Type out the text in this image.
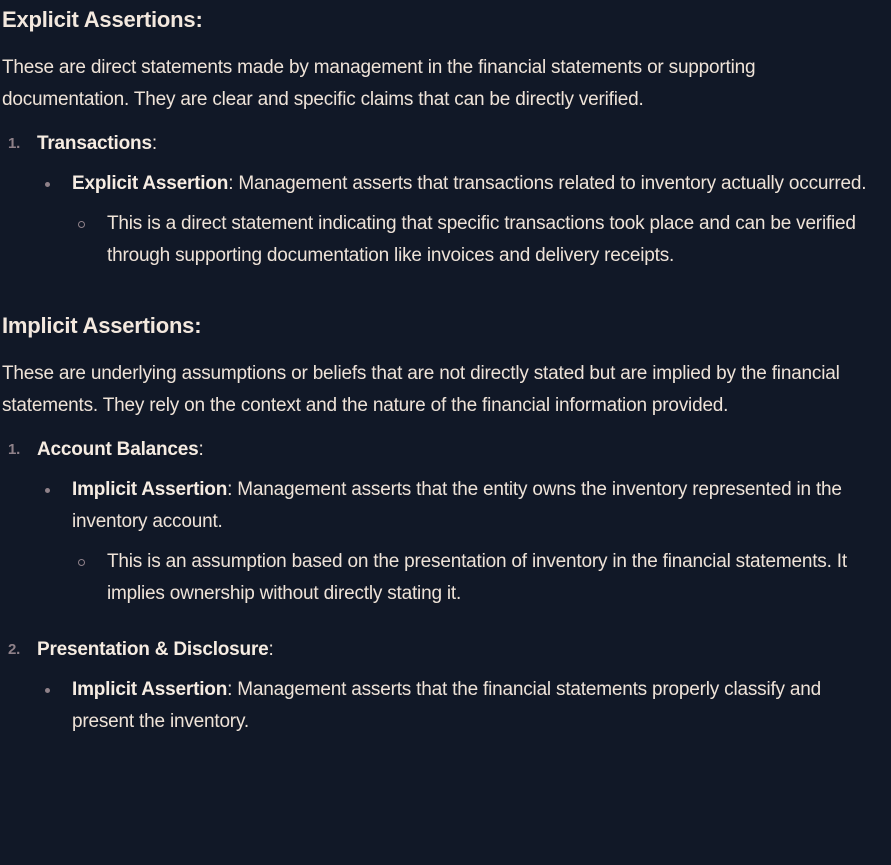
Explicit Assertions:

These are direct statements made by management in the financial statements or supporting documentation. They are clear and specific claims that can be directly verified.

1. Transactions:
Explicit Assertion: Management asserts that transactions related to inventory actually occurred.
This is a direct statement indicating that specific transactions took place and can be verified through supporting documentation like invoices and delivery receipts.
Implicit Assertions:

These are underlying assumptions or beliefs that are not directly stated but are implied by the financial statements. They rely on the context and the nature of the financial information provided.

1. Account Balances:
Implicit Assertion: Management asserts that the entity owns the inventory represented in the inventory account.
This is an assumption based on the presentation of inventory in the financial statements. It implies ownership without directly stating it.
2. Presentation & Disclosure:
Implicit Assertion: Management asserts that the financial statements properly classify and present the inventory.
